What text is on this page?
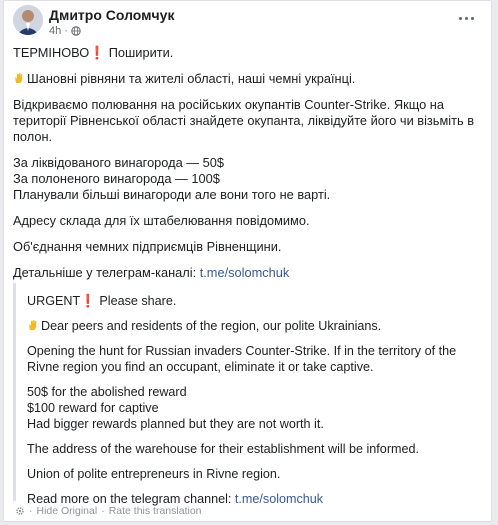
Дмитро Соломчук
4h ·

ТЕРМІНОВО❗ Поширити.

Шановні рівняни та жителі області, наші чемні українці.

Відкриваємо полювання на російських окупантів Counter-Strike. Якщо на території Рівненської області знайдете окупанта, ліквідуйте його чи візьміть в полон.

За ліквідованого винагорода — 50$

За полоненого винагорода — 100$

Планували більші винагороди але вони того не варті.

Адресу склада для їх штабелювання повідомимо.

Об'єднання чемних підприємців Рівненщини.

Детальніше у телеграм-каналі: t.me/solomchuk

URGENT❗ Please share.

Dear peers and residents of the region, our polite Ukrainians.

Opening the hunt for Russian invaders Counter-Strike. If in the territory of the Rivne region you find an occupant, eliminate it or take captive.

50$ for the abolished reward

$100 reward for captive

Had bigger rewards planned but they are not worth it.

The address of the warehouse for their establishment will be informed.

Union of polite entrepreneurs in Rivne region.

Read more on the telegram channel: t.me/solomchuk

· Hide Original · Rate this translation
